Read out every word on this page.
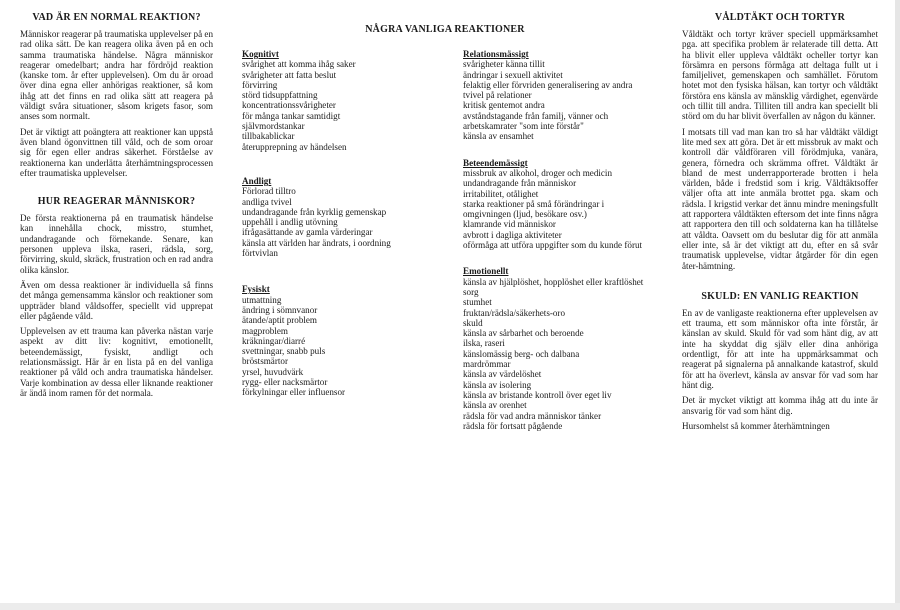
VAD ÄR EN NORMAL REAKTION?

Människor reagerar på traumatiska upplevelser på en rad olika sätt. De kan reagera olika även på en och samma traumatiska händelse. Några människor reagerar omedelbart; andra har fördröjd reaktion (kanske tom. år efter upplevelsen). Om du är oroad över dina egna eller anhörigas reaktioner, så kom ihåg att det finns en rad olika sätt att reagera på väldigt svåra situationer, såsom krigets fasor, som anses som normalt.

Det är viktigt att poängtera att reaktioner kan uppstå även bland ögonvittnen till våld, och de som oroar sig för egen eller andras säkerhet. Förståelse av reaktionerna kan underlätta återhämtningsprocessen efter traumatiska upplevelser.

HUR REAGERAR MÄNNISKOR?

De första reaktionerna på en traumatisk händelse kan innehålla chock, misstro, stumhet, undandragande och förnekande. Senare, kan personen uppleva ilska, raseri, rädsla, sorg, förvirring, skuld, skräck, frustration och en rad andra olika känslor.

Även om dessa reaktioner är individuella så finns det många gemensamma känslor och reaktioner som uppträder bland våldsoffer, speciellt vid upprepat eller pågående våld.

Upplevelsen av ett trauma kan påverka nästan varje aspekt av ditt liv: kognitivt, emotionellt, beteendemässigt, fysiskt, andligt och relationsmässigt. Här är en lista på en del vanliga reaktioner på våld och andra traumatiska händelser. Varje kombination av dessa eller liknande reaktioner är ändå inom ramen för det normala.

NÅGRA VANLIGA REAKTIONER

Kognitivt

svårighet att komma ihåg saker
svårigheter att fatta beslut
förvirring
störd tidsuppfattning
koncentrationssvårigheter
för många tankar samtidigt
självmordstankar
tillbakablickar
återupprepning av händelsen

Andligt

Förlorad tilltro
andliga tvivel
undandragande från kyrklig gemenskap
uppehåll i andlig utövning
ifrågasättande av gamla värderingar
känsla att världen har ändrats, i oordning
förtvivlan

Fysiskt

utmattning
ändring i sömnvanor
ätande/aptit problem
magproblem
kräkningar/diarré
svettningar, snabb puls
bröstsmärtor
yrsel, huvudvärk
rygg- eller nacksmärtor
förkylningar eller influensor

Relationsmässigt

svårigheter känna tillit
ändringar i sexuell aktivitet
felaktig eller förvriden generalisering av andra
tvivel på relationer
kritisk gentemot andra
avståndstagande från familj, vänner och arbetskamrater "som inte förstår"
känsla av ensamhet

Beteendemässigt

missbruk av alkohol, droger och medicin
undandragande från människor
irritabilitet, otålighet
starka reaktioner på små förändringar i omgivningen (ljud, besökare osv.)
klamrande vid människor
avbrott i dagliga aktiviteter
oförmåga att utföra uppgifter som du kunde förut

Emotionellt

känsla av hjälplöshet, hopplöshet eller kraftlöshet
sorg
stumhet
fruktan/rädsla/säkerhets-oro
skuld
känsla av sårbarhet och beroende
ilska, raseri
känslomässig berg- och dalbana
mardrömmar
känsla av värdelöshet
känsla av isolering
känsla av bristande kontroll över eget liv
känsla av orenhet
rädsla för vad andra människor tänker
rädsla för fortsatt pågående
VÅLDTÄKT OCH TORTYR

Våldtäkt och tortyr kräver speciell uppmärksamhet pga. att specifika problem är relaterade till detta. Att ha blivit eller uppleva våldtäkt ocheller tortyr kan försämra en persons förmåga att deltaga fullt ut i familjelivet, gemenskapen och samhället. Förutom hotet mot den fysiska hälsan, kan tortyr och våldtäkt förstöra ens känsla av mänsklig värdighet, egenvärde och tillit till andra. Tilliten till andra kan speciellt bli störd om du har blivit överfallen av någon du känner.

I motsats till vad man kan tro så har våldtäkt väldigt lite med sex att göra. Det är ett missbruk av makt och kontroll där våldföraren vill förödmjuka, vanära, genera, förnedra och skrämma offret. Våldtäkt är bland de mest underrapporterade brotten i hela världen, både i fredstid som i krig. Våldtäktsoffer väljer ofta att inte anmäla brottet pga. skam och rädsla. I krigstid verkar det ännu mindre meningsfullt att rapportera våldtäkten eftersom det inte finns några att rapportera den till och soldaterna kan ha tillåtelse att våldta. Oavsett om du beslutar dig för att anmäla eller inte, så är det viktigt att du, efter en så svår traumatisk upplevelse, vidtar åtgärder för din egen åter-hämtning.

SKULD: EN VANLIG REAKTION

En av de vanligaste reaktionerna efter upplevelsen av ett trauma, ett som människor ofta inte förstår, är känslan av skuld. Skuld för vad som hänt dig, av att inte ha skyddat dig själv eller dina anhöriga ordentligt, för att inte ha uppmärksammat och reagerat på signalerna på annalkande katastrof, skuld för att ha överlevt, känsla av ansvar för vad som har hänt dig.

Det är mycket viktigt att komma ihåg att du inte är ansvarig för vad som hänt dig.

Hursomhelst så kommer återhämtningen
